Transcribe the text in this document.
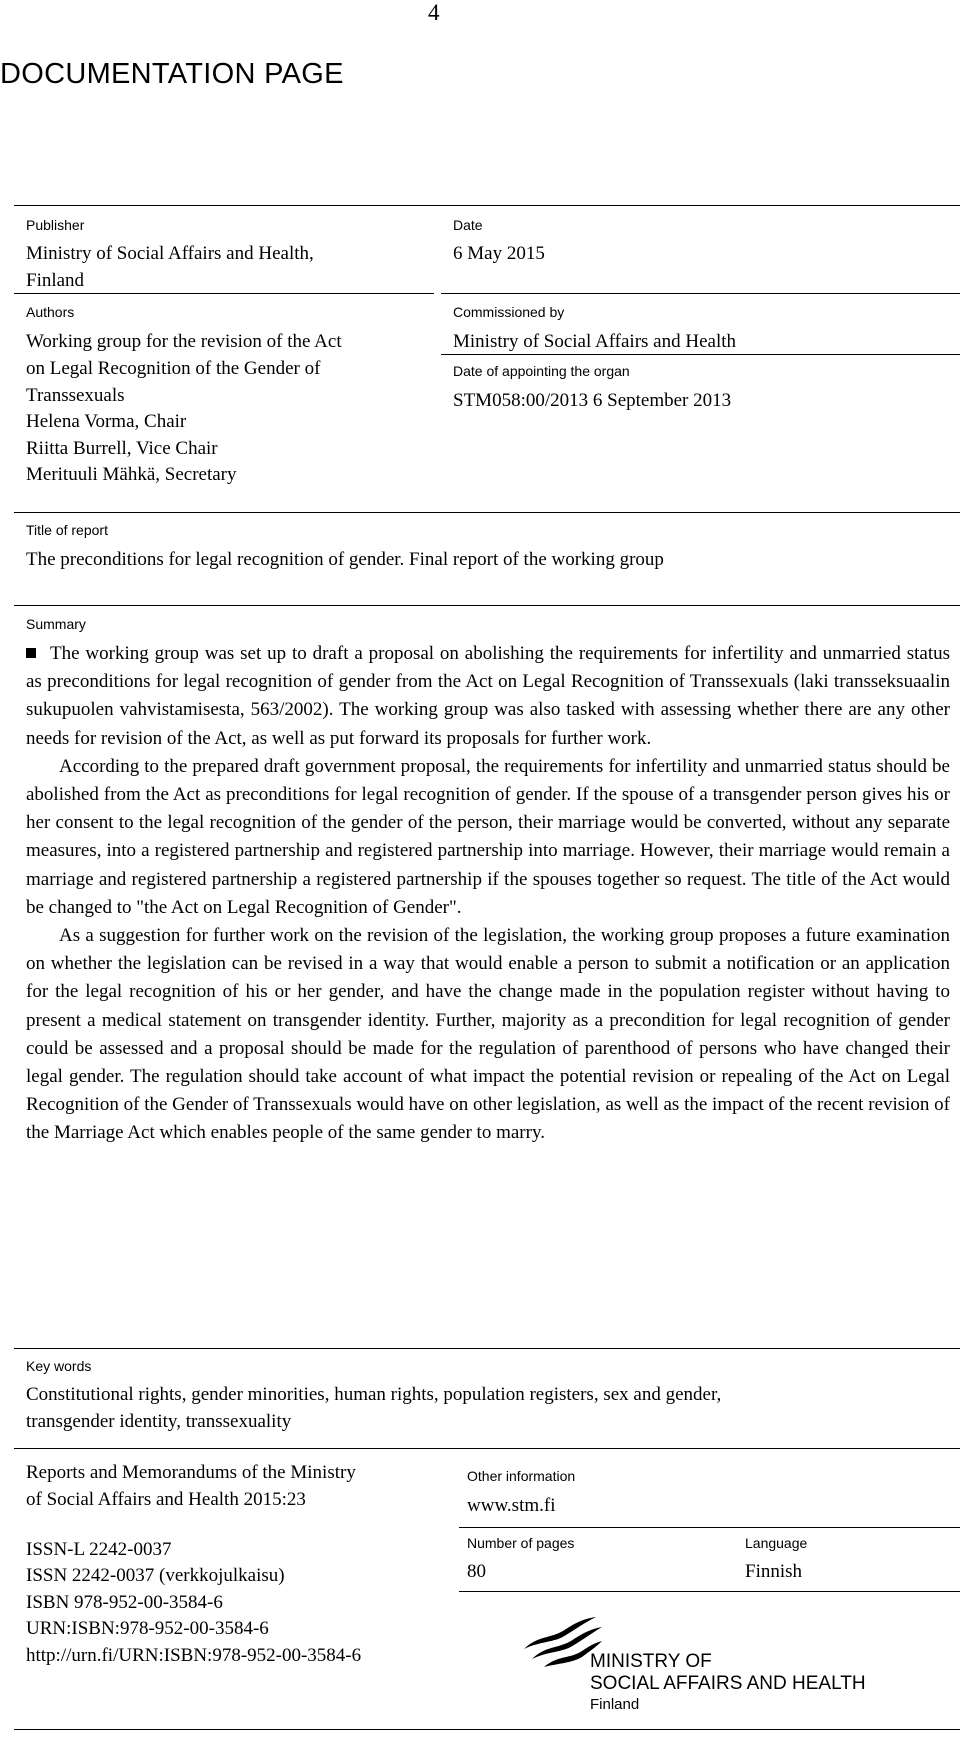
4
DOCUMENTATION PAGE
Publisher
Ministry of Social Affairs and Health,
Finland
Date
6 May 2015
Authors
Working group for the revision of the Act
on Legal Recognition of the Gender of
Transsexuals
Helena Vorma, Chair
Riitta Burrell, Vice Chair
Merituuli Mähkä, Secretary
Commissioned by
Ministry of Social Affairs and Health
Date of appointing the organ
STM058:00/2013 6 September 2013
Title of report
The preconditions for legal recognition of gender. Final report of the working group
Summary

The working group was set up to draft a proposal on abolishing the requirements for infertility and unmarried status as preconditions for legal recognition of gender from the Act on Legal Recognition of Transsexuals (laki transseksuaalin sukupuolen vahvistamisesta, 563/2002). The working group was also tasked with assessing whether there are any other needs for revision of the Act, as well as put forward its proposals for further work.

According to the prepared draft government proposal, the requirements for infertility and unmarried status should be abolished from the Act as preconditions for legal recognition of gender. If the spouse of a transgender person gives his or her consent to the legal recognition of the gender of the person, their marriage would be converted, without any separate measures, into a registered partnership and registered partnership into marriage. However, their marriage would remain a marriage and registered partnership a registered partnership if the spouses together so request. The title of the Act would be changed to "the Act on Legal Recognition of Gender".

As a suggestion for further work on the revision of the legislation, the working group proposes a future examination on whether the legislation can be revised in a way that would enable a person to submit a notification or an application for the legal recognition of his or her gender, and have the change made in the population register without having to present a medical statement on transgender identity. Further, majority as a precondition for legal recognition of gender could be assessed and a proposal should be made for the regulation of parenthood of persons who have changed their legal gender. The regulation should take account of what impact the potential revision or repealing of the Act on Legal Recognition of the Gender of Transsexuals would have on other legislation, as well as the impact of the recent revision of the Marriage Act which enables people of the same gender to marry.

Key words
Constitutional rights, gender minorities, human rights, population registers, sex and gender,
transgender identity, transsexuality
Reports and Memorandums of the Ministry
of Social Affairs and Health 2015:23
ISSN-L 2242-0037
ISSN 2242-0037 (verkkojulkaisu)
ISBN 978-952-00-3584-6
URN:ISBN:978-952-00-3584-6
http://urn.fi/URN:ISBN:978-952-00-3584-6
Other information
www.stm.fi
Number of pages
80
Language
Finnish
MINISTRY OF
SOCIAL AFFAIRS AND HEALTH
Finland
